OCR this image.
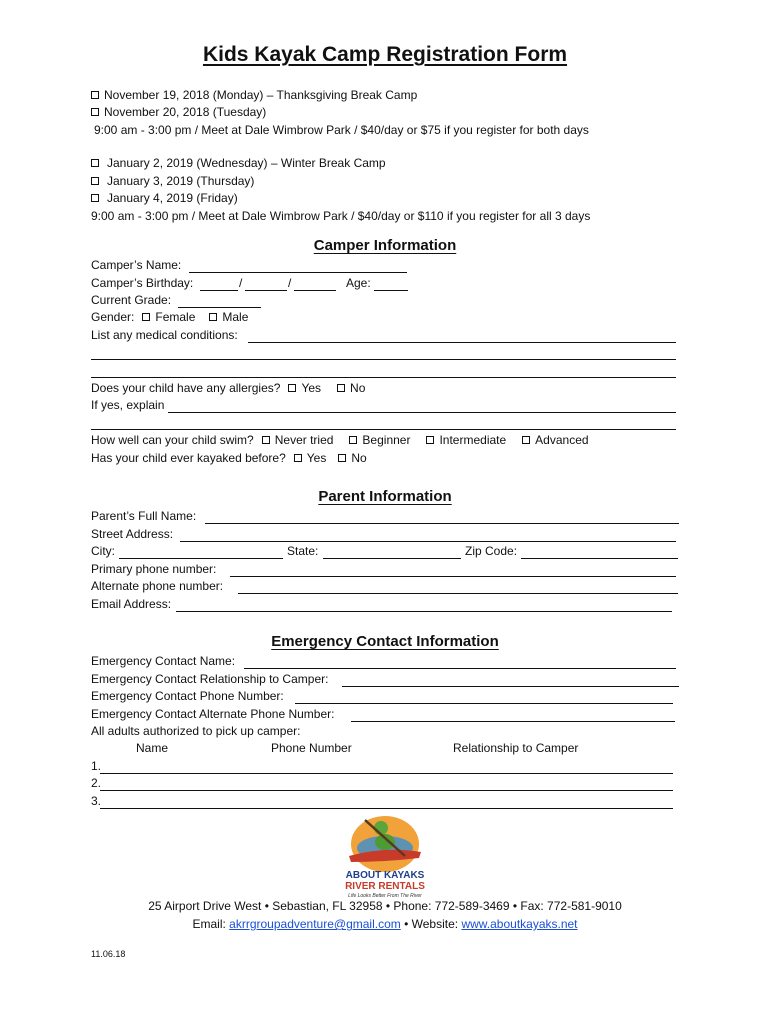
Kids Kayak Camp Registration Form
November 19, 2018 (Monday) – Thanksgiving Break Camp
November 20, 2018 (Tuesday)
9:00 am - 3:00 pm / Meet at Dale Wimbrow Park / $40/day or $75 if you register for both days
January 2, 2019 (Wednesday) – Winter Break Camp
January 3, 2019 (Thursday)
January 4, 2019 (Friday)
9:00 am - 3:00 pm / Meet at Dale Wimbrow Park / $40/day or $110 if you register for all 3 days
Camper Information
Camper’s Name:
Camper’s Birthday:	/	/	Age:
Current Grade:
Gender: Female Male
List any medical conditions:
Does your child have any allergies? Yes No
If yes, explain
How well can your child swim? Never tried Beginner Intermediate Advanced
Has your child ever kayaked before? Yes No
Parent Information
Parent’s Full Name:
Street Address:
City:	State:	Zip Code:
Primary phone number:
Alternate phone number:
Email Address:
Emergency Contact Information
Emergency Contact Name:
Emergency Contact Relationship to Camper:
Emergency Contact Phone Number:
Emergency Contact Alternate Phone Number:
All adults authorized to pick up camper:
Name	Phone Number	Relationship to Camper
1.
2.
3.
ABOUT KAYAKS
RIVER RENTALS
Life Looks Better From The River
25 Airport Drive West • Sebastian, FL 32958 • Phone: 772-589-3469 • Fax: 772-581-9010
Email: akrrgroupadventure@gmail.com • Website: www.aboutkayaks.net
11.06.18
